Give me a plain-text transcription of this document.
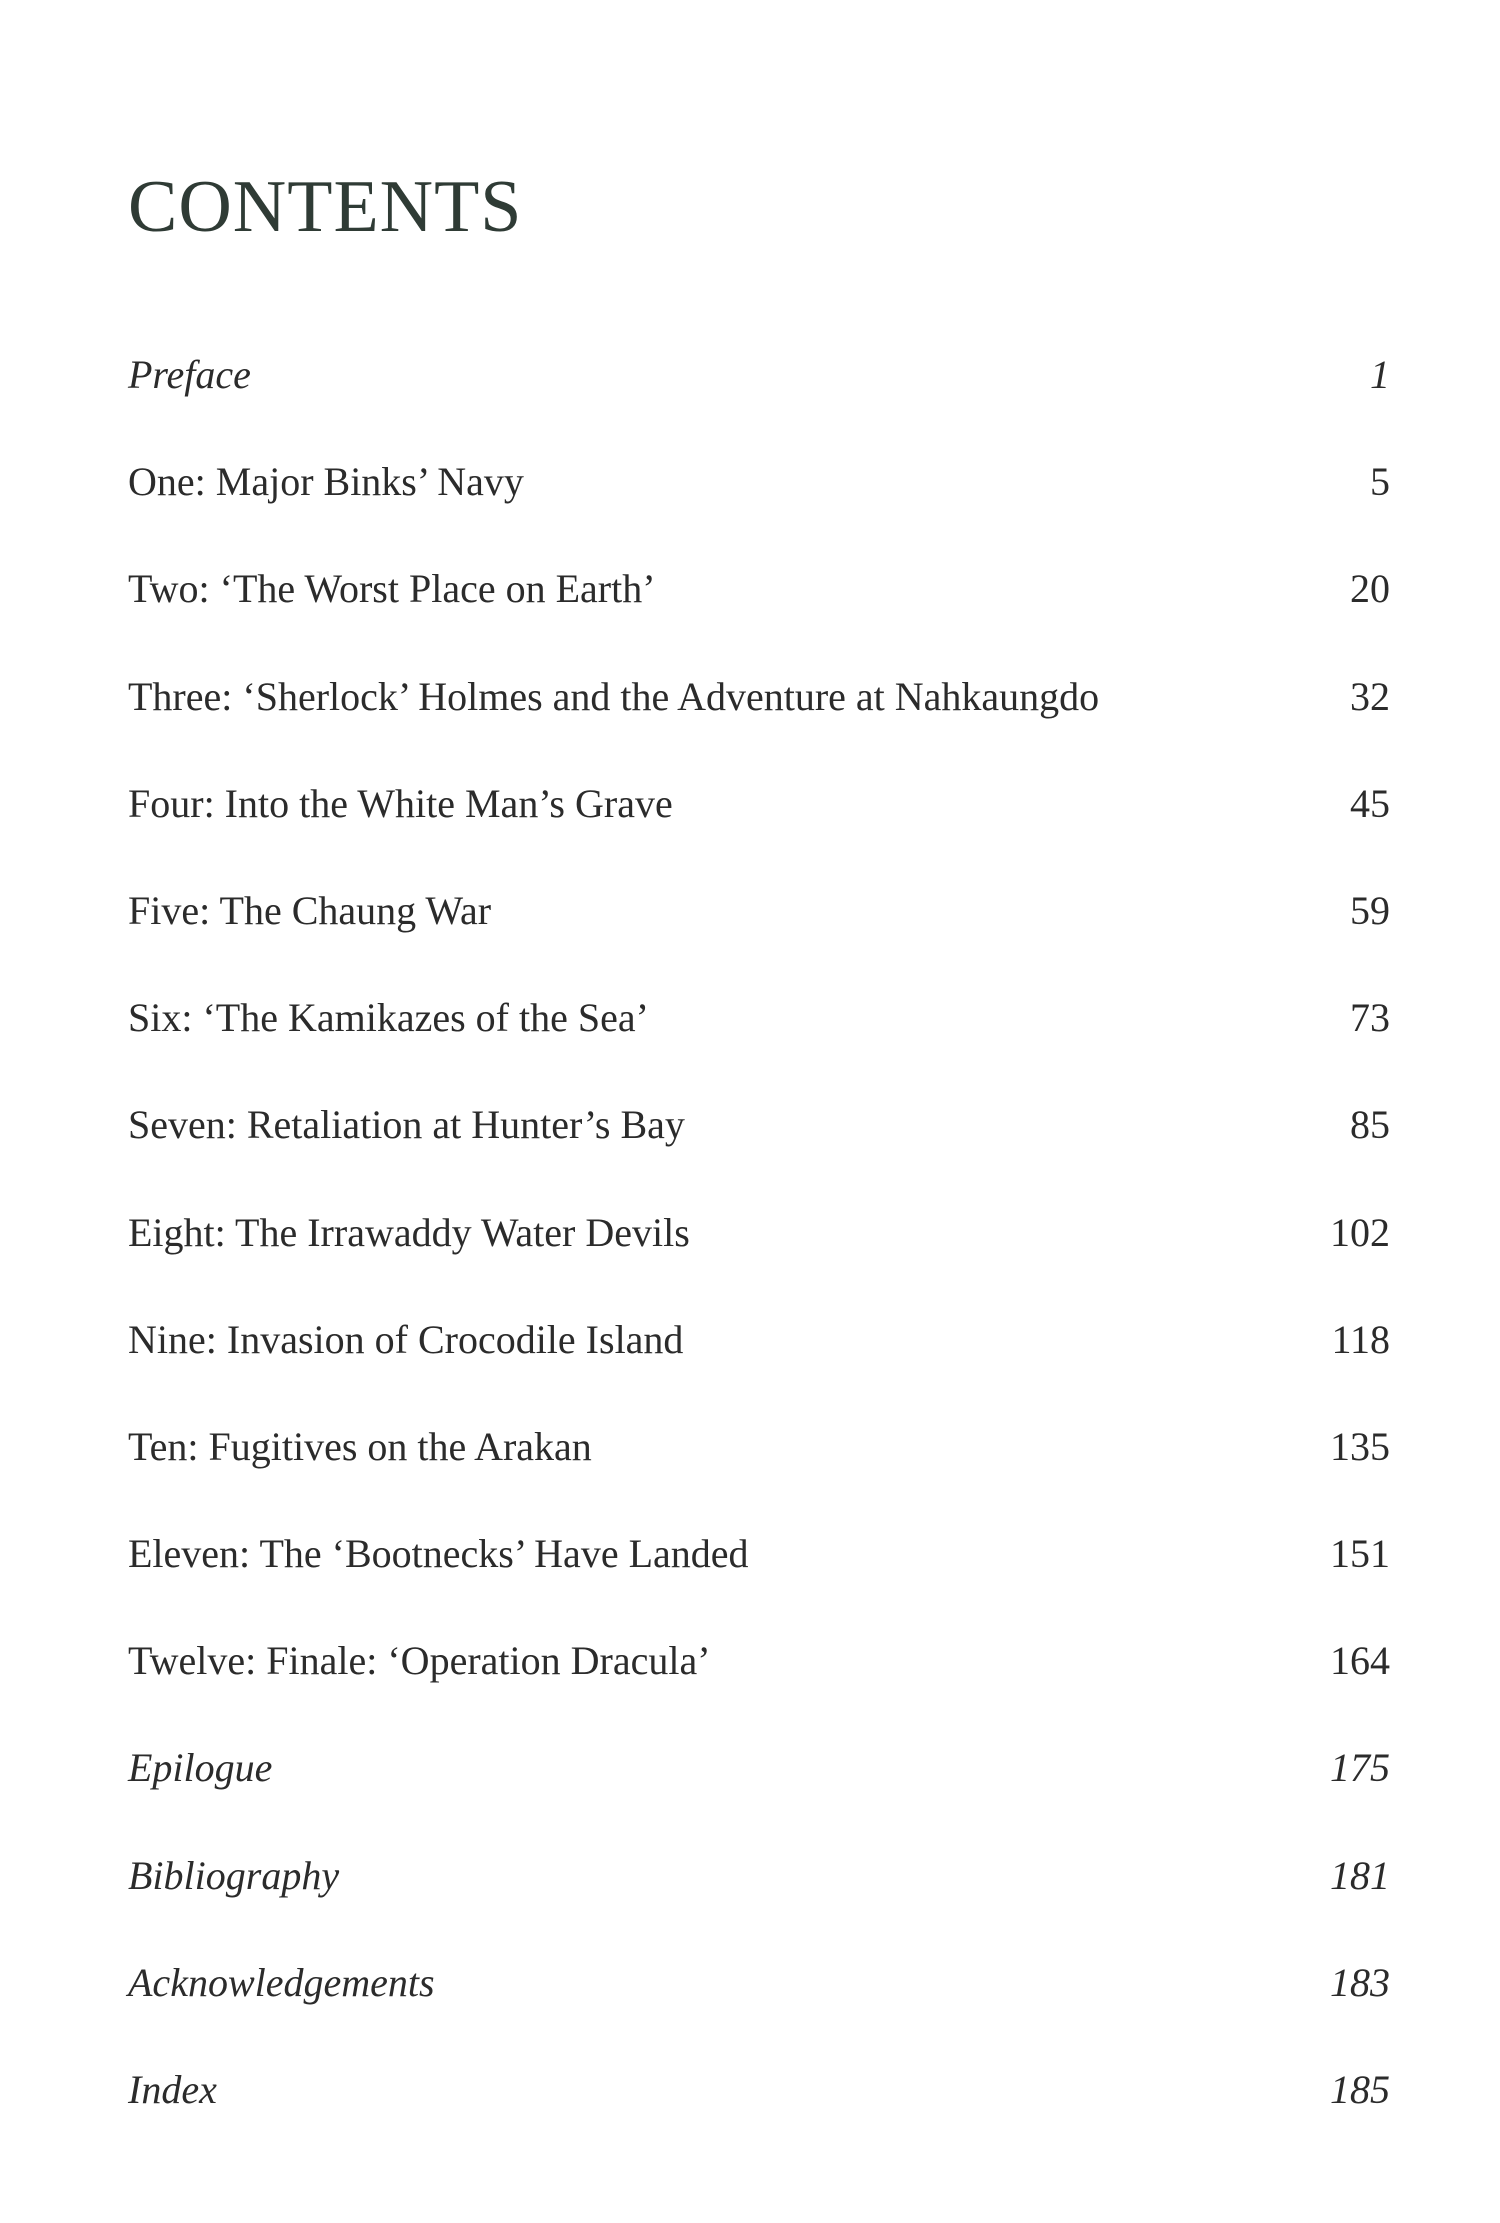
CONTENTS
Preface	1
One: Major Binks’ Navy	5
Two: ‘The Worst Place on Earth’	20
Three: ‘Sherlock’ Holmes and the Adventure at Nahkaungdo	32
Four: Into the White Man’s Grave	45
Five: The Chaung War	59
Six: ‘The Kamikazes of the Sea’	73
Seven: Retaliation at Hunter’s Bay	85
Eight: The Irrawaddy Water Devils	102
Nine: Invasion of Crocodile Island	118
Ten: Fugitives on the Arakan	135
Eleven: The ‘Bootnecks’ Have Landed	151
Twelve: Finale: ‘Operation Dracula’	164
Epilogue	175
Bibliography	181
Acknowledgements	183
Index	185
